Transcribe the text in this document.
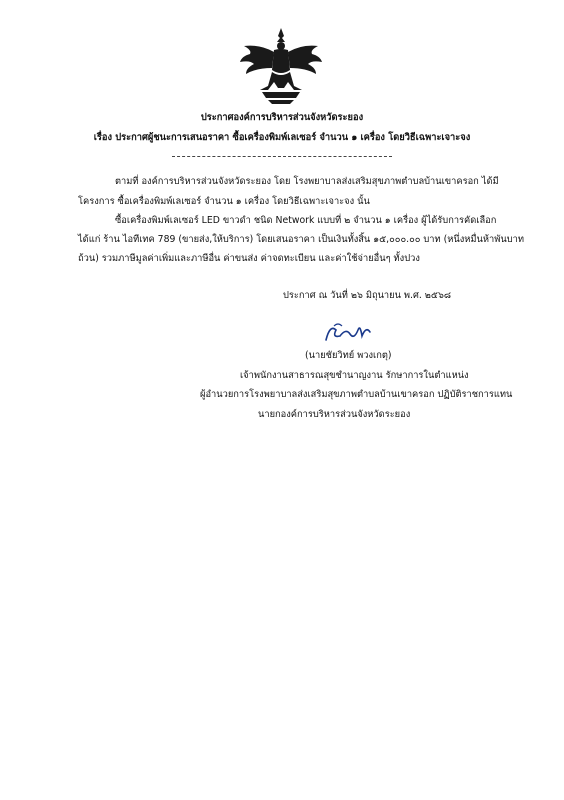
ประกาศองค์การบริหารส่วนจังหวัดระยอง
เรื่อง ประกาศผู้ชนะการเสนอราคา ซื้อเครื่องพิมพ์เลเซอร์ จำนวน ๑ เครื่อง โดยวิธีเฉพาะเจาะจง
ตามที่ องค์การบริหารส่วนจังหวัดระยอง โดย โรงพยาบาลส่งเสริมสุขภาพตำบลบ้านเขาครอก ได้มี
โครงการ ซื้อเครื่องพิมพ์เลเซอร์ จำนวน ๑ เครื่อง โดยวิธีเฉพาะเจาะจง นั้น
ซื้อเครื่องพิมพ์เลเซอร์ LED ขาวดำ ชนิด Network แบบที่ ๒ จำนวน ๑ เครื่อง ผู้ได้รับการคัดเลือก
ได้แก่ ร้าน ไอทีเทค 789 (ขายส่ง,ให้บริการ) โดยเสนอราคา เป็นเงินทั้งสิ้น ๑๕,๐๐๐.๐๐ บาท (หนึ่งหมื่นห้าพันบาท
ถ้วน) รวมภาษีมูลค่าเพิ่มและภาษีอื่น ค่าขนส่ง ค่าจดทะเบียน และค่าใช้จ่ายอื่นๆ ทั้งปวง
ประกาศ ณ วันที่ ๒๖ มิถุนายน พ.ศ. ๒๕๖๘
(นายชัยวิทย์ พวงเกตุ)
เจ้าพนักงานสาธารณสุขชำนาญงาน รักษาการในตำแหน่ง
ผู้อำนวยการโรงพยาบาลส่งเสริมสุขภาพตำบลบ้านเขาครอก ปฏิบัติราชการแทน
นายกองค์การบริหารส่วนจังหวัดระยอง
